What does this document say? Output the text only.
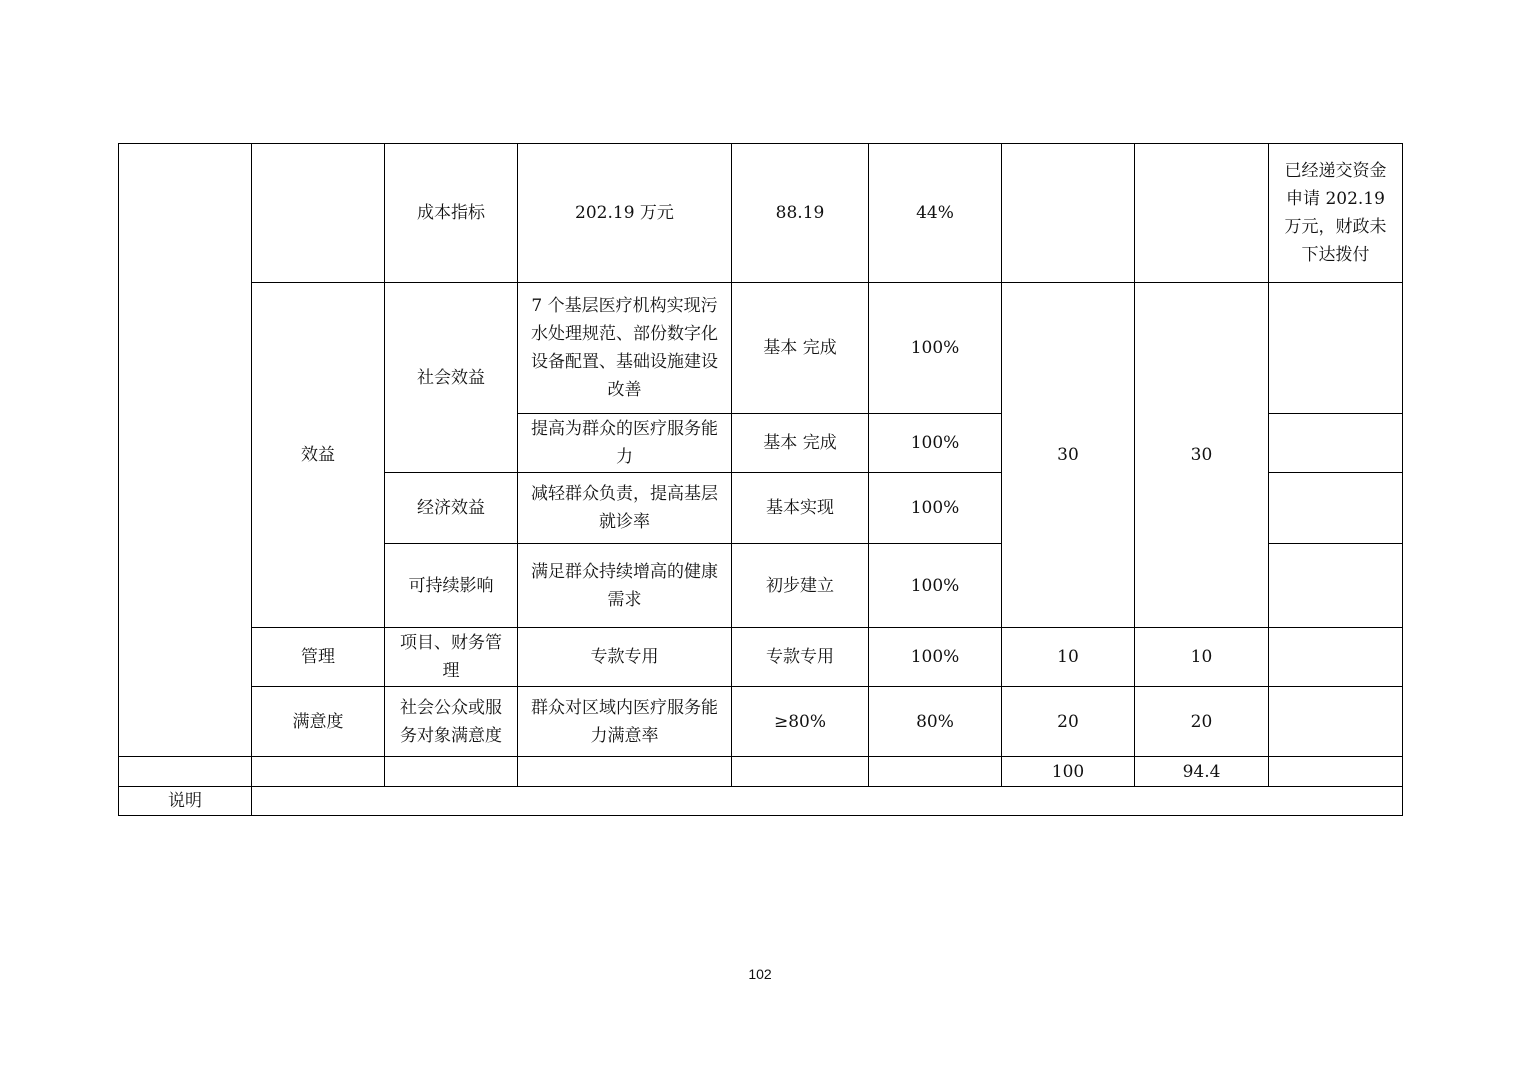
		成本指标	202.19 万元	88.19	44%			已经递交资金申请 202.19 万元，财政未下达拨付
	效益	社会效益	7 个基层医疗机构实现污水处理规范、部份数字化设备配置、基础设施建设改善	基本 完成	100%	30	30	
			提高为群众的医疗服务能力	基本 完成	100%			
		经济效益	减轻群众负责，提高基层就诊率	基本实现	100%			
		可持续影响	满足群众持续增高的健康需求	初步建立	100%			
	管理	项目、财务管理	专款专用	专款专用	100%	10	10	
	满意度	社会公众或服务对象满意度	群众对区域内医疗服务能力满意率	≥80%	80%	20	20	
						100	94.4	
说明								
102
